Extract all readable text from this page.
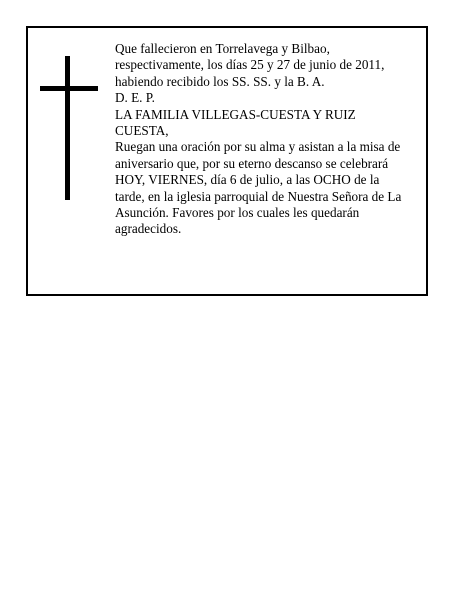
Que fallecieron en Torrelavega y Bilbao,
respectivamente, los días 25 y 27 de junio de 2011,
habiendo recibido los SS. SS. y la B. A.
D. E. P.
LA FAMILIA VILLEGAS-CUESTA Y RUIZ
CUESTA,
Ruegan una oración por su alma y asistan a la misa de
aniversario que, por su eterno descanso se celebrará
HOY, VIERNES, día 6 de julio, a las OCHO de la
tarde, en la iglesia parroquial de Nuestra Señora de La
Asunción. Favores por los cuales les quedarán
agradecidos.
